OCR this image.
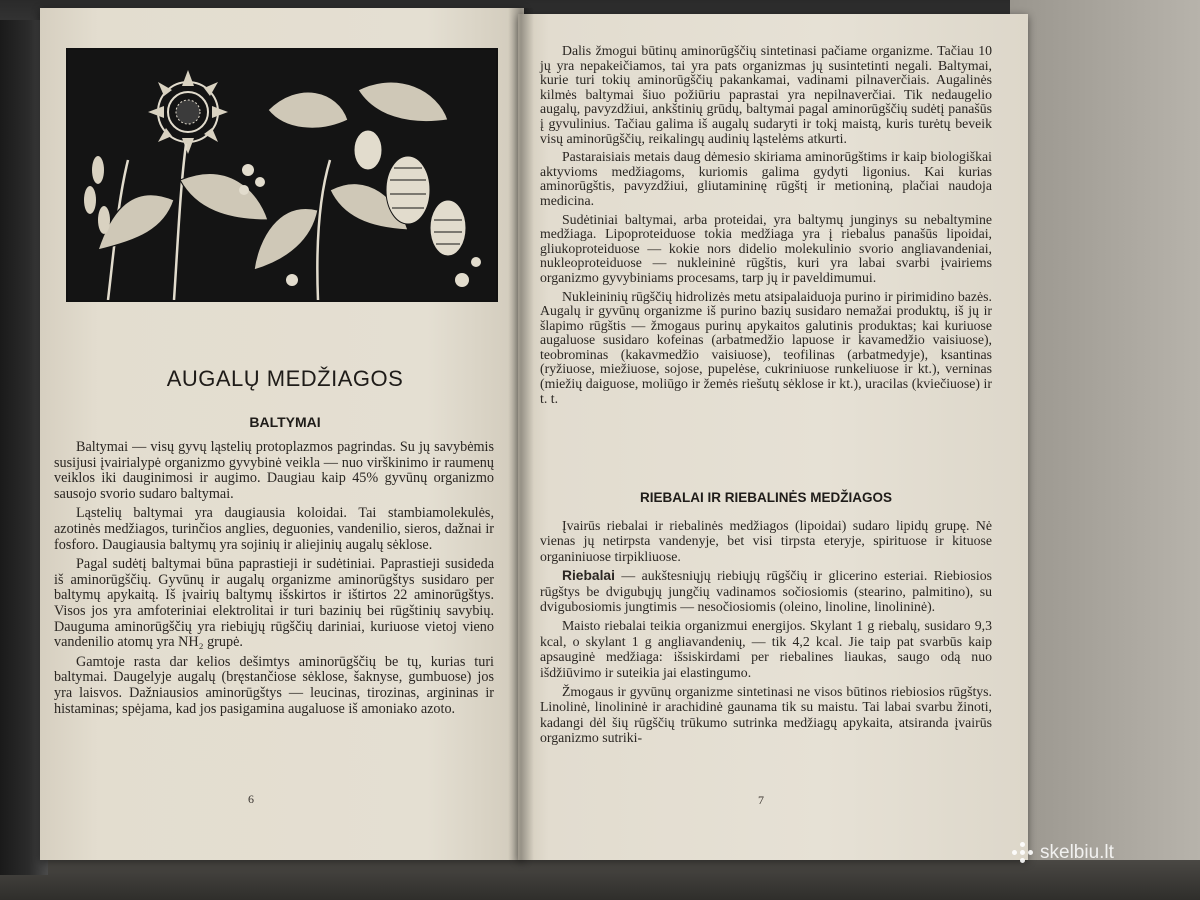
AUGALŲ MEDŽIAGOS
BALTYMAI

Baltymai — visų gyvų ląstelių protoplazmos pagrindas. Su jų savybėmis susijusi įvairialypė organizmo gyvybinė veikla — nuo virškinimo ir raumenų veiklos iki dauginimosi ir augimo. Daugiau kaip 45% gyvūnų organizmo sausojo svorio sudaro baltymai.

Ląstelių baltymai yra daugiausia koloidai. Tai stambiamolekulės, azotinės medžiagos, turinčios anglies, deguonies, vandenilio, sieros, dažnai ir fosforo. Daugiausia baltymų yra sojinių ir aliejinių augalų sėklose.

Pagal sudėtį baltymai būna paprastieji ir sudėtiniai. Paprastieji susideda iš aminorūgščių. Gyvūnų ir augalų organizme aminorūgštys susidaro per baltymų apykaitą. Iš įvairių baltymų išskirtos ir ištirtos 22 aminorūgštys. Visos jos yra amfoteriniai elektrolitai ir turi bazinių bei rūgštinių savybių. Dauguma aminorūgščių yra riebiųjų rūgščių dariniai, kuriuose vietoj vieno vandenilio atomų yra NH₂ grupė.

Gamtoje rasta dar kelios dešimtys aminorūgščių be tų, kurias turi baltymai. Daugelyje augalų (bręstančiose sėklose, šaknyse, gumbuose) jos yra laisvos. Dažniausios aminorūgštys — leucinas, tirozinas, argininas ir histaminas; spėjama, kad jos pasigamina augaluose iš amoniako azoto.

6

Dalis žmogui būtinų aminorūgščių sintetinasi pačiame organizme. Tačiau 10 jų yra nepakeičiamos, tai yra pats organizmas jų susintetinti negali. Baltymai, kurie turi tokių aminorūgščių pakankamai, vadinami pilnaverčiais. Augalinės kilmės baltymai šiuo požiūriu paprastai yra nepilnaverčiai. Tik nedaugelio augalų, pavyzdžiui, ankštinių grūdų, baltymai pagal aminorūgščių sudėtį panašūs į gyvulinius. Tačiau galima iš augalų sudaryti ir tokį maistą, kuris turėtų beveik visų aminorūgščių, reikalingų audinių ląstelėms atkurti.

Pastaraisiais metais daug dėmesio skiriama aminorūgštims ir kaip biologiškai aktyvioms medžiagoms, kuriomis galima gydyti ligonius. Kai kurias aminorūgštis, pavyzdžiui, gliutamininę rūgštį ir metioniną, plačiai naudoja medicina.

Sudėtiniai baltymai, arba proteidai, yra baltymų junginys su nebaltymine medžiaga. Lipoproteiduose tokia medžiaga yra į riebalus panašūs lipoidai, gliukoproteiduose — kokie nors didelio molekulinio svorio angliavandeniai, nukleoproteiduose — nukleininė rūgštis, kuri yra labai svarbi įvairiems organizmo gyvybiniams procesams, tarp jų ir paveldimumui.

Nukleininių rūgščių hidrolizės metu atsipalaiduoja purino ir pirimidino bazės. Augalų ir gyvūnų organizme iš purino bazių susidaro nemažai produktų, iš jų ir šlapimo rūgštis — žmogaus purinų apykaitos galutinis produktas; kai kuriuose augaluose susidaro kofeinas (arbatmedžio lapuose ir kavamedžio vaisiuose), teobrominas (kakavmedžio vaisiuose), teofilinas (arbatmedyje), ksantinas (ryžiuose, miežiuose, sojose, pupelėse, cukriniuose runkeliuose ir kt.), verninas (miežių daiguose, moliūgo ir žemės riešutų sėklose ir kt.), uracilas (kviečiuose) ir t. t.

RIEBALAI IR RIEBALINĖS MEDŽIAGOS

Įvairūs riebalai ir riebalinės medžiagos (lipoidai) sudaro lipidų grupę. Nė vienas jų netirpsta vandenyje, bet visi tirpsta eteryje, spirituose ir kituose organiniuose tirpikliuose.

Riebalai — aukštesniųjų riebiųjų rūgščių ir glicerino esteriai. Riebiosios rūgštys be dvigubųjų jungčių vadinamos sočiosiomis (stearino, palmitino), su dvigubosiomis jungtimis — nesočiosiomis (oleino, linoline, linolininė).

Maisto riebalai teikia organizmui energijos. Skylant 1 g riebalų, susidaro 9,3 kcal, o skylant 1 g angliavandenių, — tik 4,2 kcal. Jie taip pat svarbūs kaip apsauginė medžiaga: išsiskirdami per riebalines liaukas, saugo odą nuo išdžiūvimo ir suteikia jai elastingumo.

Žmogaus ir gyvūnų organizme sintetinasi ne visos būtinos riebiosios rūgštys. Linolinė, linolininė ir arachidinė gaunama tik su maistu. Tai labai svarbu žinoti, kadangi dėl šių rūgščių trūkumo sutrinka medžiagų apykaita, atsiranda įvairūs organizmo sutriki-

7
skelbiu.lt
